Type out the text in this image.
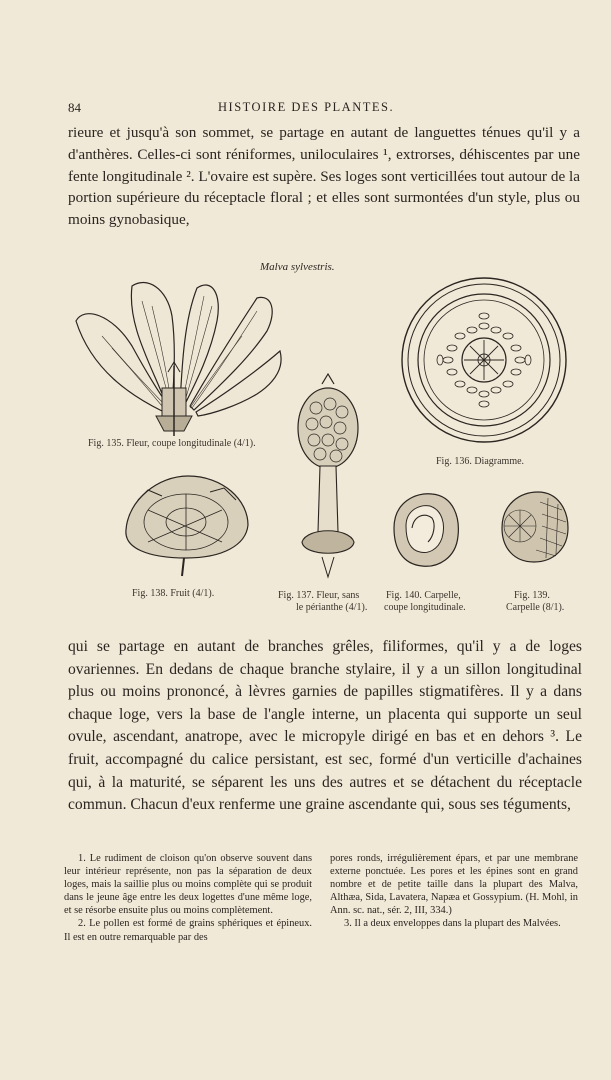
84	HISTOIRE DES PLANTES.

rieure et jusqu'à son sommet, se partage en autant de languettes ténues qu'il y a d'anthères. Celles-ci sont réniformes, uniloculaires ¹, extrorses, déhiscentes par une fente longitudinale ². L'ovaire est supère. Ses loges sont verticillées tout autour de la portion supérieure du réceptacle floral ; et elles sont surmontées d'un style, plus ou moins gynobasique,

Malva sylvestris.
Fig. 135. Fleur, coupe longitudinale (4/1).
Fig. 136. Diagramme.
Fig. 137. Fleur, sans
le périanthe (4/1).
Fig. 138. Fruit (4/1).	Fig. 140. Carpelle,
coupe longitudinale.
Fig. 139.
Carpelle (8/1).

qui se partage en autant de branches grêles, filiformes, qu'il y a de loges ovariennes. En dedans de chaque branche stylaire, il y a un sillon longitudinal plus ou moins prononcé, à lèvres garnies de papilles stigmatifères. Il y a dans chaque loge, vers la base de l'angle interne, un placenta qui supporte un seul ovule, ascendant, anatrope, avec le micropyle dirigé en bas et en dehors ³. Le fruit, accompagné du calice persistant, est sec, formé d'un verticille d'achaines qui, à la maturité, se séparent les uns des autres et se détachent du réceptacle commun. Chacun d'eux renferme une graine ascendante qui, sous ses téguments,

1. Le rudiment de cloison qu'on observe souvent dans leur intérieur représente, non pas la séparation de deux loges, mais la saillie plus ou moins complète qui se produit dans le jeune âge entre les deux logettes d'une même loge, et se résorbe ensuite plus ou moins complètement.

2. Le pollen est formé de grains sphériques et épineux. Il est en outre remarquable par des

pores ronds, irrégulièrement épars, et par une membrane externe ponctuée. Les pores et les épines sont en grand nombre et de petite taille dans la plupart des Malva, Althæa, Sida, Lavatera, Napæa et Gossypium. (H. Mohl, in Ann. sc. nat., sér. 2, III, 334.)

3. Il a deux enveloppes dans la plupart des Malvées.
